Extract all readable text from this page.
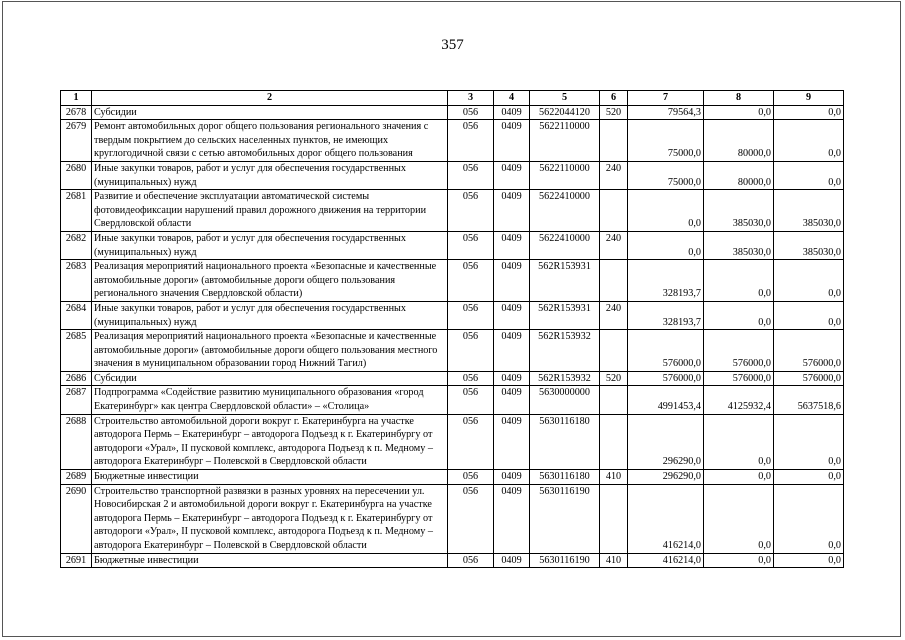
357
1	2	3	4	5	6	7	8	9
2678	Субсидии	056	0409	5622044120	520	79564,3	0,0	0,0
2679	Ремонт автомобильных дорог общего пользования регионального значения с твердым покрытием до сельских населенных пунктов, не имеющих круглогодичной связи с сетью автомобильных дорог общего пользования	056	0409	5622110000		75000,0	80000,0	0,0
2680	Иные закупки товаров, работ и услуг для обеспечения государственных (муниципальных) нужд	056	0409	5622110000	240	75000,0	80000,0	0,0
2681	Развитие и обеспечение эксплуатации автоматической системы фотовидеофиксации нарушений правил дорожного движения на территории Свердловской области	056	0409	5622410000		0,0	385030,0	385030,0
2682	Иные закупки товаров, работ и услуг для обеспечения государственных (муниципальных) нужд	056	0409	5622410000	240	0,0	385030,0	385030,0
2683	Реализация мероприятий национального проекта «Безопасные и качественные автомобильные дороги» (автомобильные дороги общего пользования регионального значения Свердловской области)	056	0409	562R153931		328193,7	0,0	0,0
2684	Иные закупки товаров, работ и услуг для обеспечения государственных (муниципальных) нужд	056	0409	562R153931	240	328193,7	0,0	0,0
2685	Реализация мероприятий национального проекта «Безопасные и качественные автомобильные дороги» (автомобильные дороги общего пользования местного значения в муниципальном образовании город Нижний Тагил)	056	0409	562R153932		576000,0	576000,0	576000,0
2686	Субсидии	056	0409	562R153932	520	576000,0	576000,0	576000,0
2687	Подпрограмма «Содействие развитию муниципального образования «город Екатеринбург» как центра Свердловской области» – «Столица»	056	0409	5630000000		4991453,4	4125932,4	5637518,6
2688	Строительство автомобильной дороги вокруг г. Екатеринбурга на участке автодорога Пермь – Екатеринбург – автодорога Подъезд к г. Екатеринбургу от автодороги «Урал», II пусковой комплекс, автодорога Подъезд к п. Медному – автодорога Екатеринбург – Полевской в Свердловской области	056	0409	5630116180		296290,0	0,0	0,0
2689	Бюджетные инвестиции	056	0409	5630116180	410	296290,0	0,0	0,0
2690	Строительство транспортной развязки в разных уровнях на пересечении ул. Новосибирская 2 и автомобильной дороги вокруг г. Екатеринбурга на участке автодорога Пермь – Екатеринбург – автодорога Подъезд к г. Екатеринбургу от автодороги «Урал», II пусковой комплекс, автодорога Подъезд к п. Медному – автодорога Екатеринбург – Полевской в Свердловской области	056	0409	5630116190		416214,0	0,0	0,0
2691	Бюджетные инвестиции	056	0409	5630116190	410	416214,0	0,0	0,0
